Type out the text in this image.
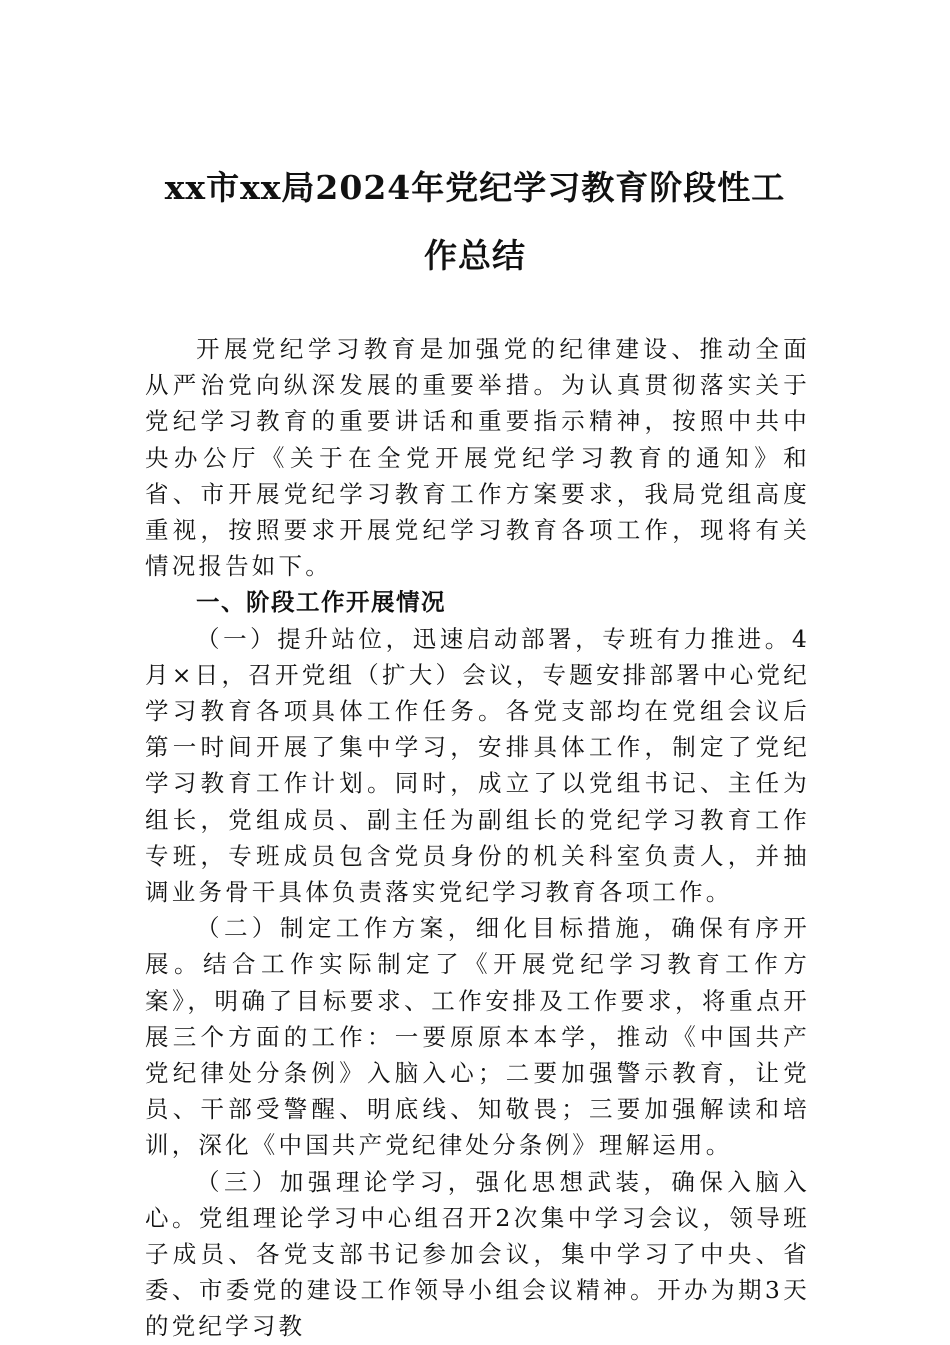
xx市xx局2024年党纪学习教育阶段性工
作总结

开展党纪学习教育是加强党的纪律建设、推动全面从严治党向纵深发展的重要举措。为认真贯彻落实关于党纪学习教育的重要讲话和重要指示精神，按照中共中央办公厅《关于在全党开展党纪学习教育的通知》和省、市开展党纪学习教育工作方案要求，我局党组高度重视，按照要求开展党纪学习教育各项工作，现将有关情况报告如下。

一、阶段工作开展情况

（一）提升站位，迅速启动部署，专班有力推进。4月×日，召开党组（扩大）会议，专题安排部署中心党纪学习教育各项具体工作任务。各党支部均在党组会议后第一时间开展了集中学习，安排具体工作，制定了党纪学习教育工作计划。同时，成立了以党组书记、主任为组长，党组成员、副主任为副组长的党纪学习教育工作专班，专班成员包含党员身份的机关科室负责人，并抽调业务骨干具体负责落实党纪学习教育各项工作。

（二）制定工作方案，细化目标措施，确保有序开展。结合工作实际制定了《开展党纪学习教育工作方案》，明确了目标要求、工作安排及工作要求，将重点开展三个方面的工作：一要原原本本学，推动《中国共产党纪律处分条例》入脑入心；二要加强警示教育，让党员、干部受警醒、明底线、知敬畏；三要加强解读和培训，深化《中国共产党纪律处分条例》理解运用。

（三）加强理论学习，强化思想武装，确保入脑入心。党组理论学习中心组召开2次集中学习会议，领导班子成员、各党支部书记参加会议，集中学习了中央、省委、市委党的建设工作领导小组会议精神。开办为期3天的党纪学习教
